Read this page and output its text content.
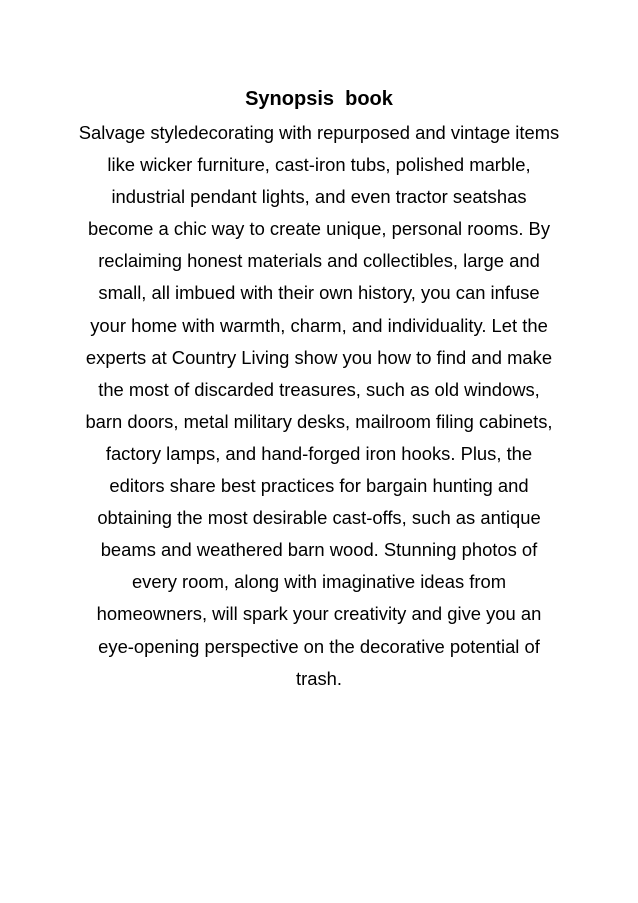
Synopsis  book
Salvage styledecorating with repurposed and vintage items
like wicker furniture, cast-iron tubs, polished marble,
industrial pendant lights, and even tractor seatshas
become a chic way to create unique, personal rooms. By
reclaiming honest materials and collectibles, large and
small, all imbued with their own history, you can infuse
your home with warmth, charm, and individuality. Let the
experts at Country Living show you how to find and make
the most of discarded treasures, such as old windows,
barn doors, metal military desks, mailroom filing cabinets,
factory lamps, and hand-forged iron hooks. Plus, the
editors share best practices for bargain hunting and
obtaining the most desirable cast-offs, such as antique
beams and weathered barn wood. Stunning photos of
every room, along with imaginative ideas from
homeowners, will spark your creativity and give you an
eye-opening perspective on the decorative potential of
trash.
